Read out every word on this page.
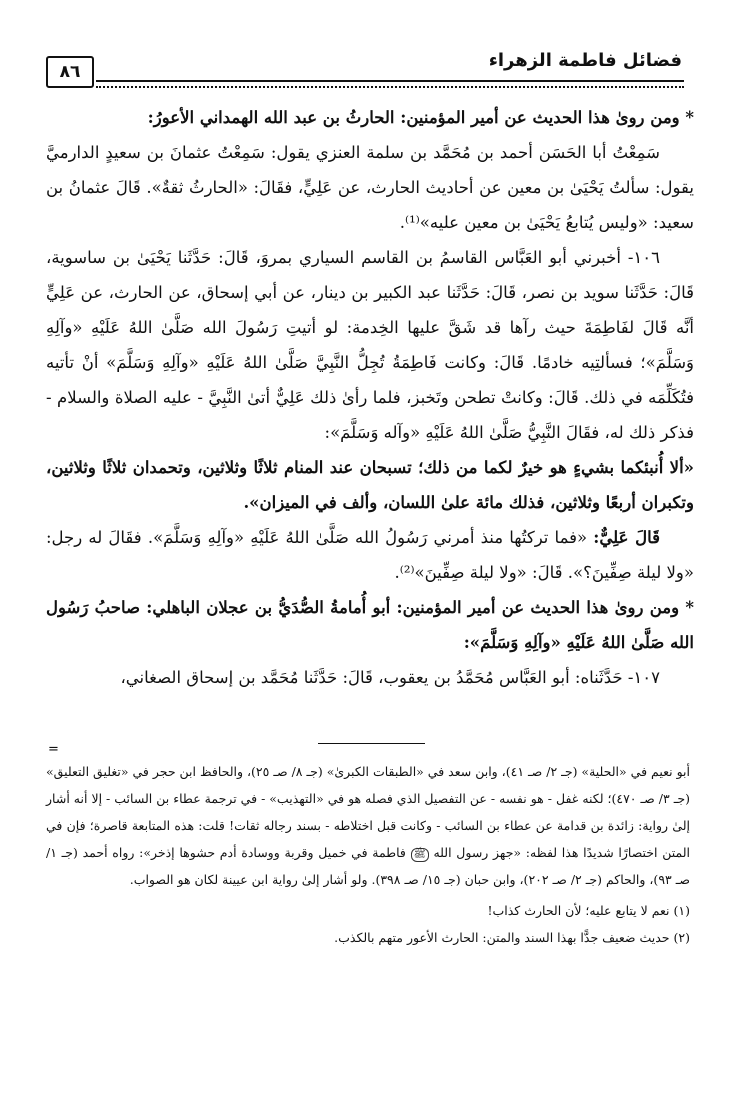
فضائل فاطمة الزهراء
٨٦

* ومن روىٰ هذا الحديث عن أمير المؤمنين: الحارثُ بن عبد الله الهمداني الأعورُ:

سَمِعْتُ أبا الحَسَن أحمد بن مُحَمَّد بن سلمة العنزي يقول: سَمِعْتُ عثمانَ بن سعيدٍ الدارميَّ يقول: سألتُ يَحْيَىٰ بن معين عن أحاديث الحارث، عن عَلِيٍّ، فقَالَ: «الحارثُ ثقةٌ». قَالَ عثمانُ بن سعيد: «وليس يُتابعُ يَحْيَىٰ بن معين عليه»⁽¹⁾.

١٠٦- أخبرني أبو العَبَّاس القاسمُ بن القاسم السياري بمروَ، قَالَ: حَدَّثَنا يَحْيَىٰ بن ساسوية، قَالَ: حَدَّثَنا سويد بن نصر، قَالَ: حَدَّثَنا عبد الكبير بن دينار، عن أبي إسحاق، عن الحارث، عن عَلِيٍّ أنَّه قَالَ لفَاطِمَةَ حيث رآها قد شَقَّ عليها الخِدمة: لو أتيتِ رَسُولَ الله صَلَّىٰ اللهُ عَلَيْهِ «وآلِهِ وَسَلَّمَ»؛ فسألتِيه خادمًا. قَالَ: وكانت فَاطِمَةُ تُجِلُّ النَّبِيَّ صَلَّىٰ اللهُ عَلَيْهِ «وآلِهِ وَسَلَّمَ» أنْ تأتيه فتُكَلِّمَه في ذلك. قَالَ: وكانتْ تطحن وتَخبز، فلما رأىٰ ذلك عَلِيٌّ أتىٰ النَّبِيَّ - عليه الصلاة والسلام - فذكر ذلك له، فقَالَ النَّبِيُّ صَلَّىٰ اللهُ عَلَيْهِ «وآله وَسَلَّمَ»:

«ألا أُنبئكما بشيءٍ هو خيرٌ لكما من ذلك؛ تسبحان عند المنام ثلاثًا وثلاثين، وتحمدان ثلاثًا وثلاثين، وتكبران أربعًا وثلاثين، فذلك مائة علىٰ اللسان، وألف في الميزان».

قَالَ عَلِيٌّ: «فما تركتُها منذ أمرني رَسُولُ الله صَلَّىٰ اللهُ عَلَيْهِ «وآلِهِ وَسَلَّمَ». فقَالَ له رجل: «ولا ليلة صِفِّينَ؟». قَالَ: «ولا ليلة صِفِّينَ»⁽²⁾.

* ومن روىٰ هذا الحديث عن أمير المؤمنين: أبو أُمامةُ الصُّدَيُّ بن عجلان الباهلي: صاحبُ رَسُول الله صَلَّىٰ اللهُ عَلَيْهِ «وآلِهِ وَسَلَّمَ»:

١٠٧- حَدَّثَناه: أبو العَبَّاس مُحَمَّدُ بن يعقوب، قَالَ: حَدَّثَنا مُحَمَّد بن إسحاق الصغاني،

=

أبو نعيم في «الحلية» (جـ ٢/ صـ ٤١)، وابن سعد في «الطبقات الكبرىٰ» (جـ ٨/ صـ ٢٥)، والحافظ ابن حجر في «تغليق التعليق» (جـ ٣/ صـ ٤٧٠)؛ لكنه غفل - هو نفسه - عن التفصيل الذي فصله هو في «التهذيب» - في ترجمة عطاء بن السائب - إلا أنه أشار إلىٰ رواية: زائدة بن قدامة عن عطاء بن السائب - وكانت قبل اختلاطه - بسند رجاله ثقات! قلت: هذه المتابعة قاصرة؛ فإن في المتن اختصارًا شديدًا هذا لفظه: «جهز رسول الله ﷺ فاطمة في خميل وقربة ووسادة أدم حشوها إذخر»: رواه أحمد (جـ ١/ صـ ٩٣)، والحاكم (جـ ٢/ صـ ٢٠٢)، وابن حبان (جـ ١٥/ صـ ٣٩٨). ولو أشار إلىٰ رواية ابن عيينة لكان هو الصواب.

(١) نعم لا يتابع عليه؛ لأن الحارث كذاب!

(٢) حديث ضعيف جدًّا بهذا السند والمتن: الحارث الأعور متهم بالكذب.
